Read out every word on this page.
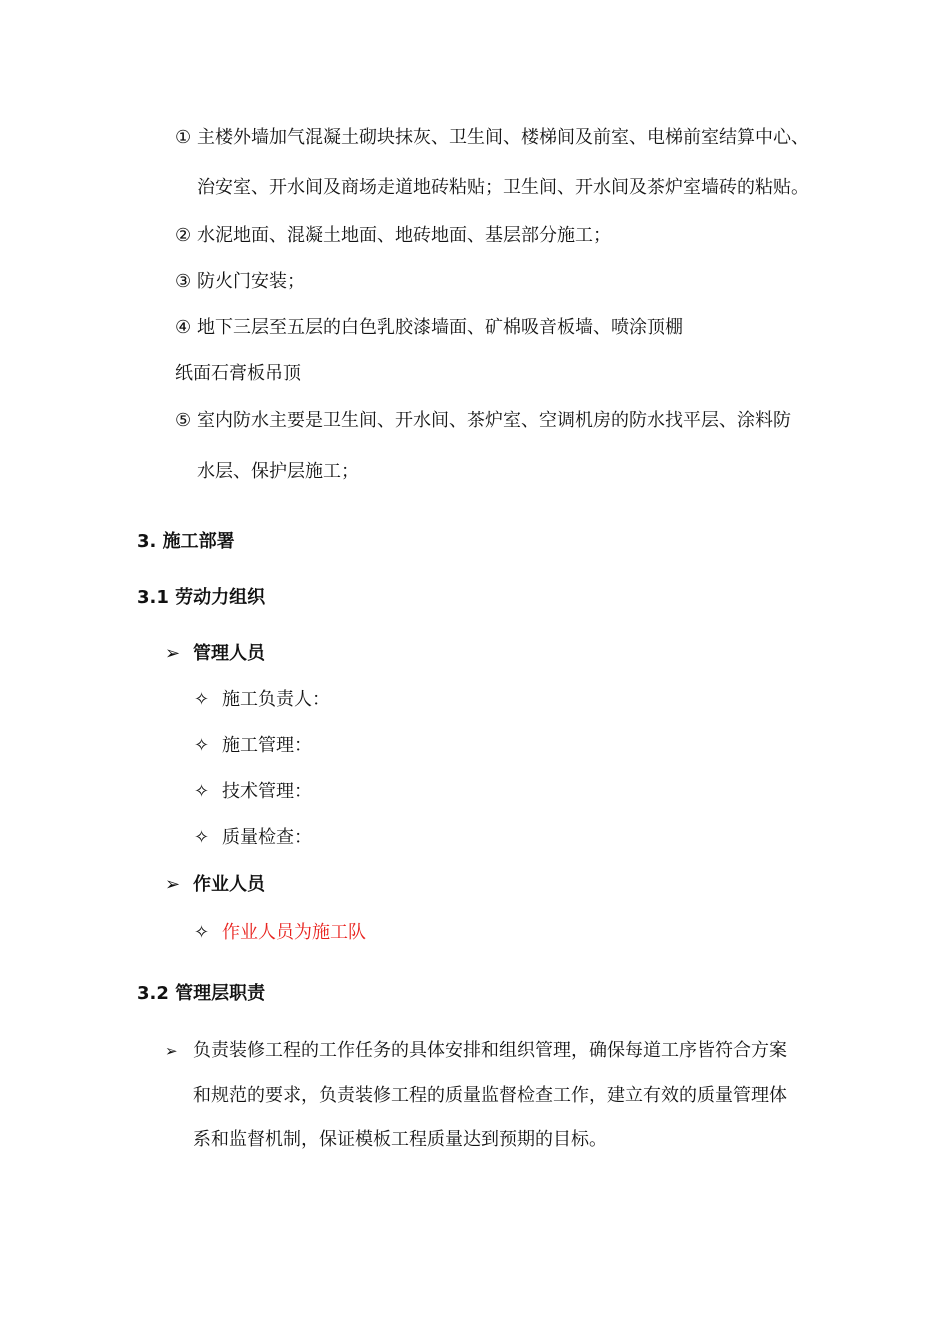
① 主楼外墙加气混凝土砌块抹灰、卫生间、楼梯间及前室、电梯前室结算中心、
治安室、开水间及商场走道地砖粘贴；卫生间、开水间及茶炉室墙砖的粘贴。
② 水泥地面、混凝土地面、地砖地面、基层部分施工；
③ 防火门安装；
④ 地下三层至五层的白色乳胶漆墙面、矿棉吸音板墙、喷涂顶棚
纸面石膏板吊顶
⑤ 室内防水主要是卫生间、开水间、茶炉室、空调机房的防水找平层、涂料防
水层、保护层施工；
3. 施工部署
3.1 劳动力组织
➢ 管理人员
✧ 施工负责人：
✧ 施工管理：
✧ 技术管理：
✧ 质量检查：
➢ 作业人员
✧ 作业人员为施工队
3.2 管理层职责
➢ 负责装修工程的工作任务的具体安排和组织管理，确保每道工序皆符合方案
和规范的要求，负责装修工程的质量监督检查工作，建立有效的质量管理体
系和监督机制，保证模板工程质量达到预期的目标。
